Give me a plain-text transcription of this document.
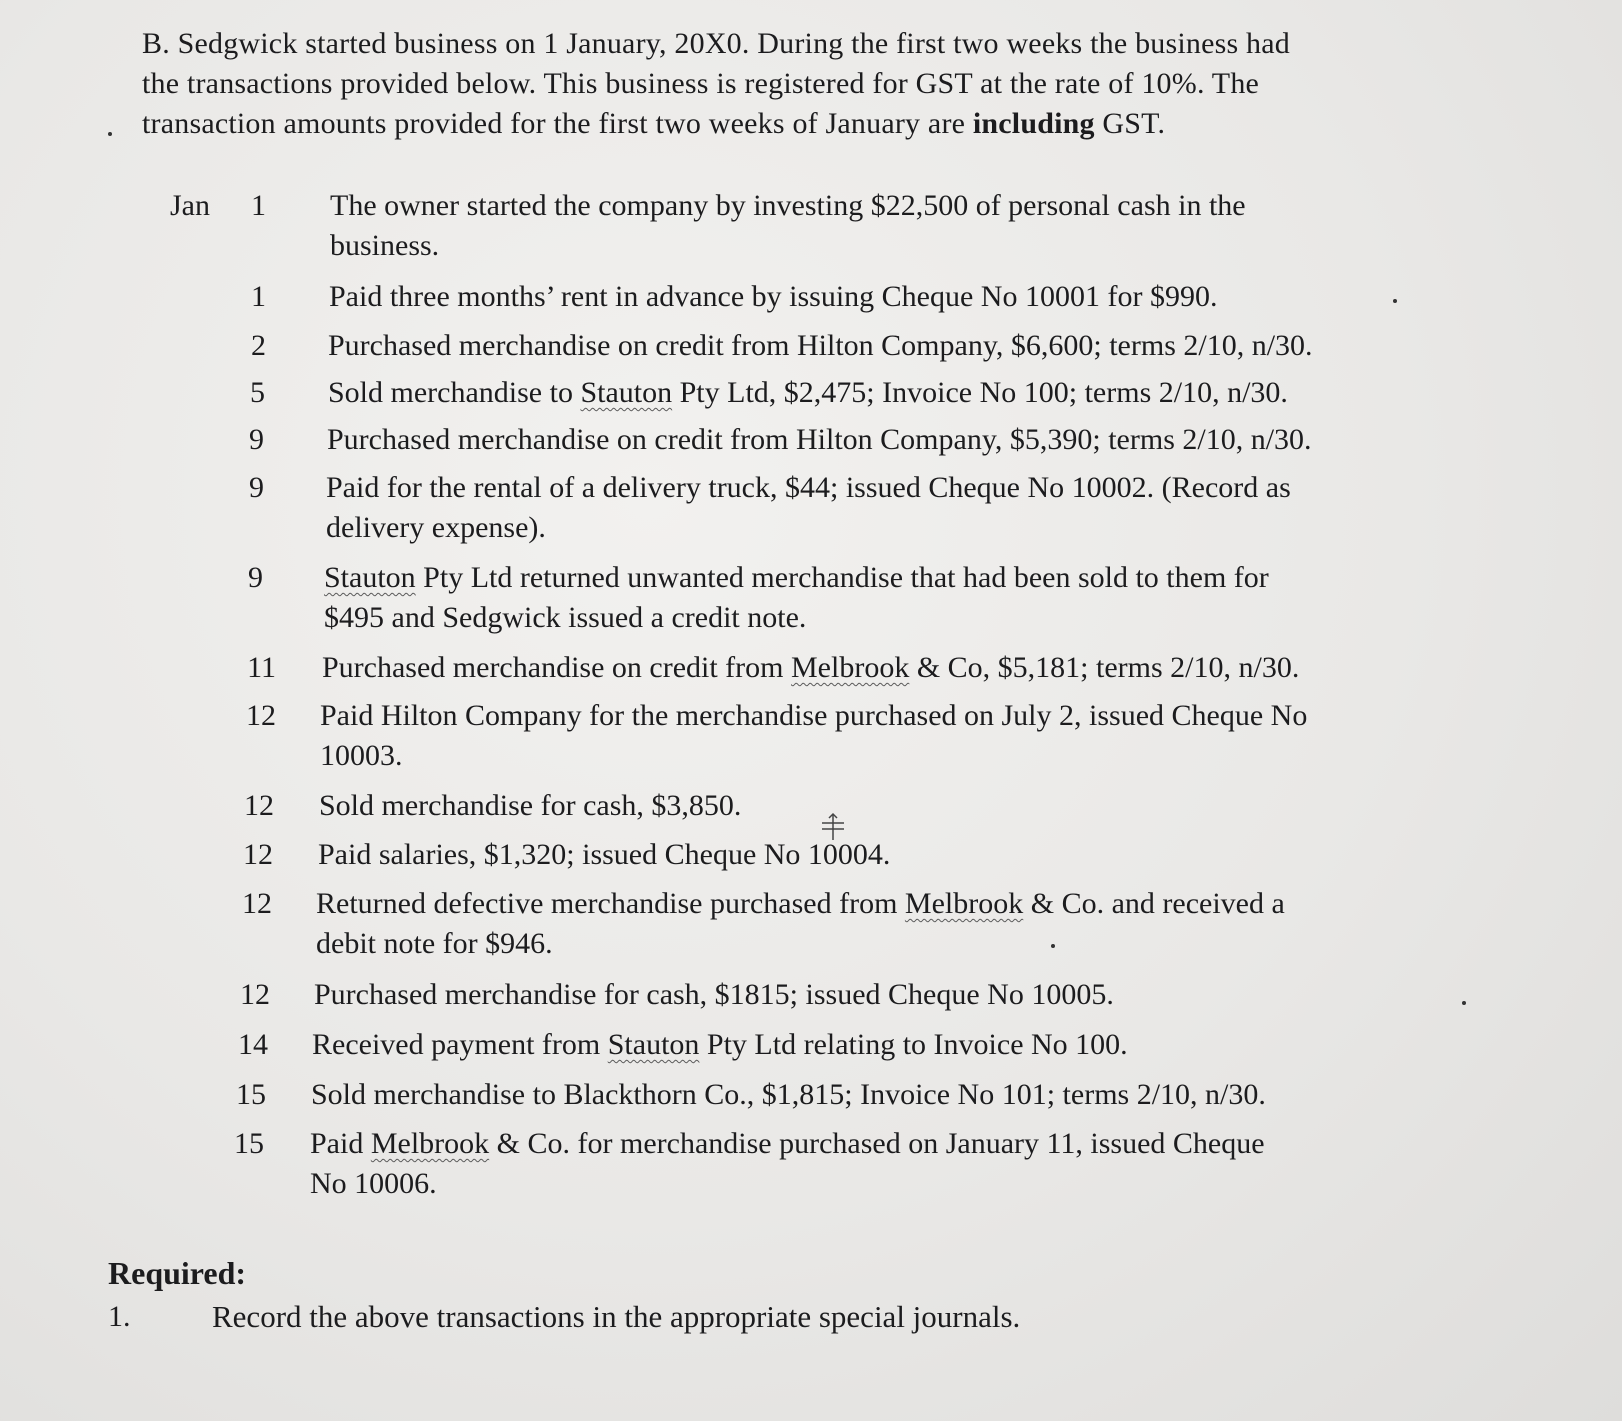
B. Sedgwick started business on 1 January, 20X0. During the first two weeks the business had
the transactions provided below. This business is registered for GST at the rate of 10%. The
transaction amounts provided for the first two weeks of January are including GST.

Jan	1 The owner started the company by investing $22,500 of personal cash in the
business.
1 Paid three months’ rent in advance by issuing Cheque No 10001 for $990.
2 Purchased merchandise on credit from Hilton Company, $6,600; terms 2/10, n/30.
5 Sold merchandise to Stauton Pty Ltd, $2,475; Invoice No 100; terms 2/10, n/30.
9 Purchased merchandise on credit from Hilton Company, $5,390; terms 2/10, n/30.
9 Paid for the rental of a delivery truck, $44; issued Cheque No 10002. (Record as
delivery expense).
9 Stauton Pty Ltd returned unwanted merchandise that had been sold to them for
$495 and Sedgwick issued a credit note.
11 Purchased merchandise on credit from Melbrook & Co, $5,181; terms 2/10, n/30.
12 Paid Hilton Company for the merchandise purchased on July 2, issued Cheque No
10003.
12 Sold merchandise for cash, $3,850.
12 Paid salaries, $1,320; issued Cheque No 10004.
12 Returned defective merchandise purchased from Melbrook & Co. and received a
debit note for $946.
12 Purchased merchandise for cash, $1815; issued Cheque No 10005.
14 Received payment from Stauton Pty Ltd relating to Invoice No 100.
15 Sold merchandise to Blackthorn Co., $1,815; Invoice No 101; terms 2/10, n/30.
15 Paid Melbrook & Co. for merchandise purchased on January 11, issued Cheque
No 10006.
Required:
1.	Record the above transactions in the appropriate special journals.
